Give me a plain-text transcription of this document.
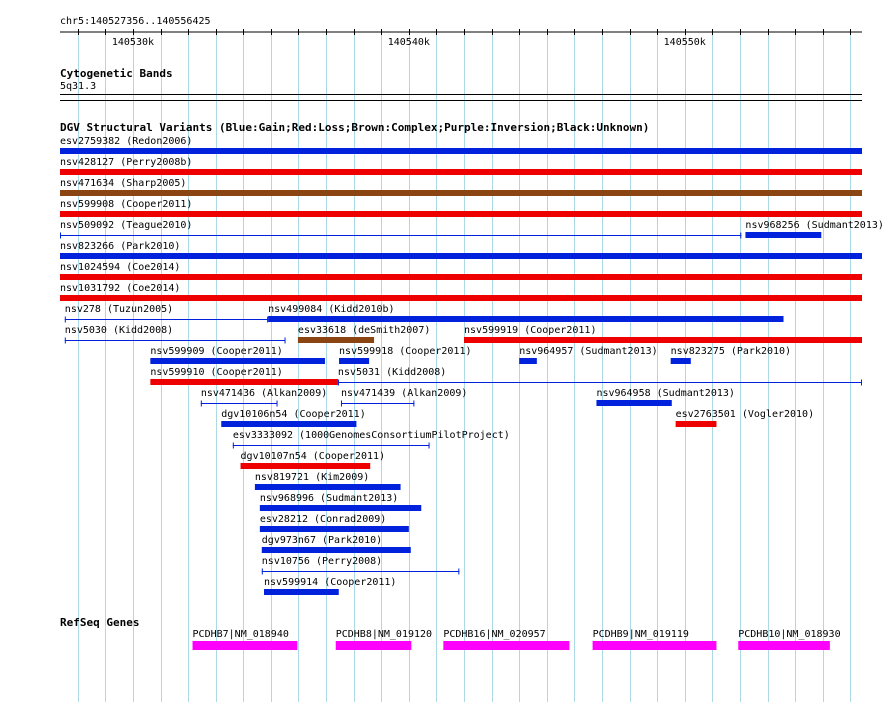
chr5:140527356..140556425
140530k	140540k	140550k
Cytogenetic Bands
5q31.3
DGV Structural Variants (Blue:Gain;Red:Loss;Brown:Complex;Purple:Inversion;Black:Unknown)
esv2759382 (Redon2006)
nsv428127 (Perry2008b)
nsv471634 (Sharp2005)
nsv599908 (Cooper2011)
nsv509092 (Teague2010)	nsv968256 (Sudmant2013)
nsv823266 (Park2010)
nsv1024594 (Coe2014)
nsv1031792 (Coe2014)
nsv278 (Tuzun2005)	nsv499084 (Kidd2010b)
nsv5030 (Kidd2008)	esv33618 (deSmith2007)	nsv599919 (Cooper2011)
nsv599909 (Cooper2011)	nsv599918 (Cooper2011)	nsv964957 (Sudmant2013) nsv823275 (Park2010)
nsv599910 (Cooper2011)	nsv5031 (Kidd2008)
nsv471436 (Alkan2009) nsv471439 (Alkan2009)	nsv964958 (Sudmant2013)
dgv10106n54 (Cooper2011)	esv2763501 (Vogler2010)
esv3333092 (1000GenomesConsortiumPilotProject)
dgv10107n54 (Cooper2011)
nsv819721 (Kim2009)
nsv968996 (Sudmant2013)
esv28212 (Conrad2009)
dgv973n67 (Park2010)
nsv10756 (Perry2008)
nsv599914 (Cooper2011)
RefSeq Genes
PCDHB7|NM_018940	PCDHB8|NM_019120 PCDHB16|NM_020957	PCDHB9|NM_019119	PCDHB10|NM_018930
